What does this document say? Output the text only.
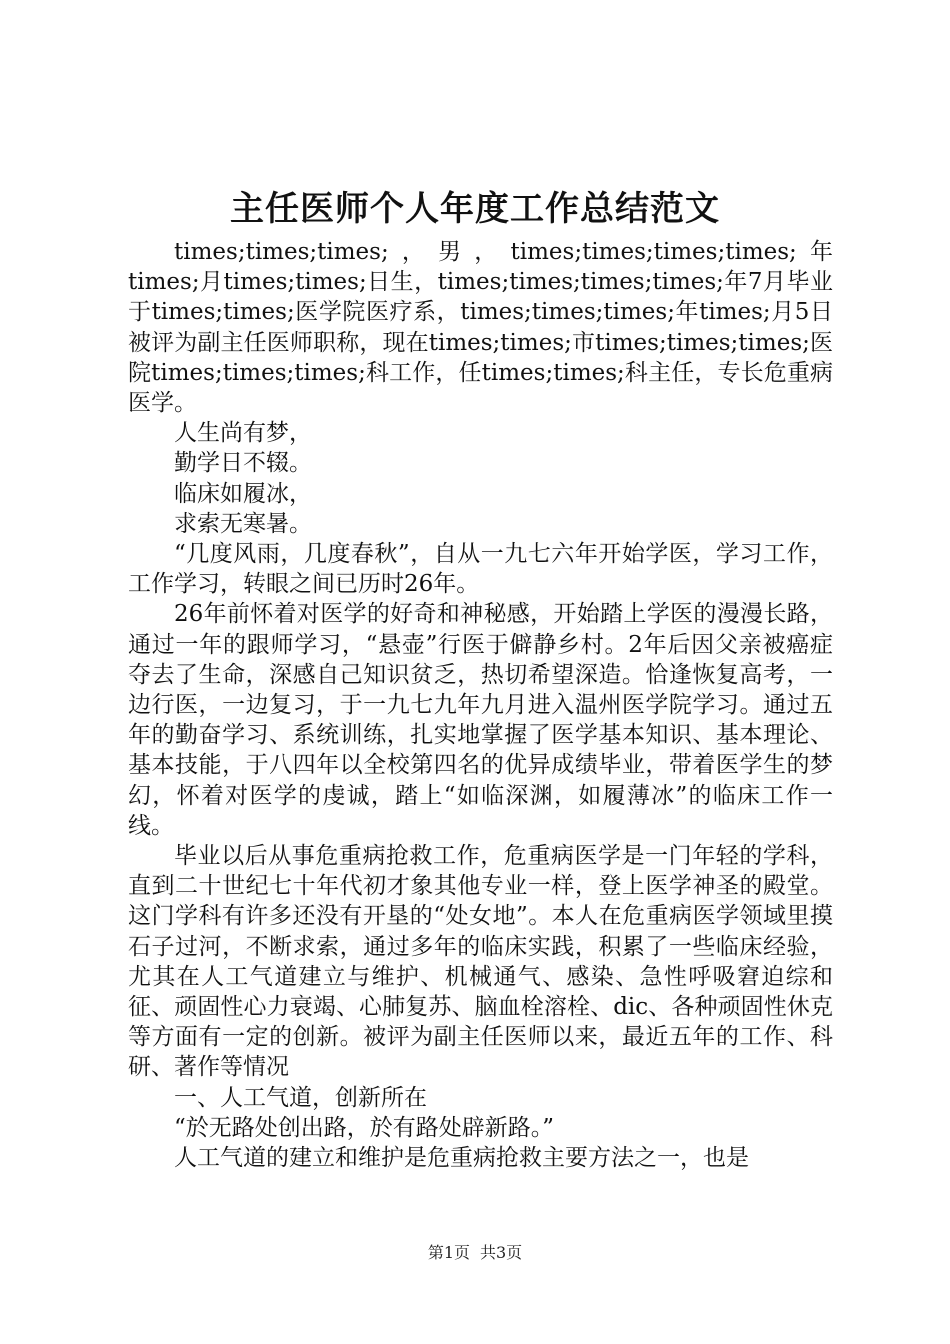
主任医师个人年度工作总结范文

times;times;times;，男，times;times;times;times;年times;月times;times;日生，times;times;times;times;年7月毕业于times;times;医学院医疗系，times;times;times;年times;月5日被评为副主任医师职称，现在times;times;市times;times;times;医院times;times;times;科工作，任times;times;科主任，专长危重病医学。

人生尚有梦，

勤学日不辍。

临床如履冰，

求索无寒暑。

“几度风雨，几度春秋”，自从一九七六年开始学医，学习工作，工作学习，转眼之间已历时26年。

26年前怀着对医学的好奇和神秘感，开始踏上学医的漫漫长路，通过一年的跟师学习，“悬壶”行医于僻静乡村。2年后因父亲被癌症夺去了生命，深感自己知识贫乏，热切希望深造。恰逢恢复高考，一边行医，一边复习，于一九七九年九月进入温州医学院学习。通过五年的勤奋学习、系统训练，扎实地掌握了医学基本知识、基本理论、基本技能，于八四年以全校第四名的优异成绩毕业，带着医学生的梦幻，怀着对医学的虔诚，踏上“如临深渊，如履薄冰”的临床工作一线。

毕业以后从事危重病抢救工作，危重病医学是一门年轻的学科，直到二十世纪七十年代初才象其他专业一样，登上医学神圣的殿堂。这门学科有许多还没有开垦的“处女地”。本人在危重病医学领域里摸石子过河，不断求索，通过多年的临床实践，积累了一些临床经验，尤其在人工气道建立与维护、机械通气、感染、急性呼吸窘迫综和征、顽固性心力衰竭、心肺复苏、脑血栓溶栓、dic、各种顽固性休克等方面有一定的创新。被评为副主任医师以来，最近五年的工作、科研、著作等情况

一、人工气道，创新所在

“於无路处创出路，於有路处辟新路。”

人工气道的建立和维护是危重病抢救主要方法之一，也是

第1页 共3页
